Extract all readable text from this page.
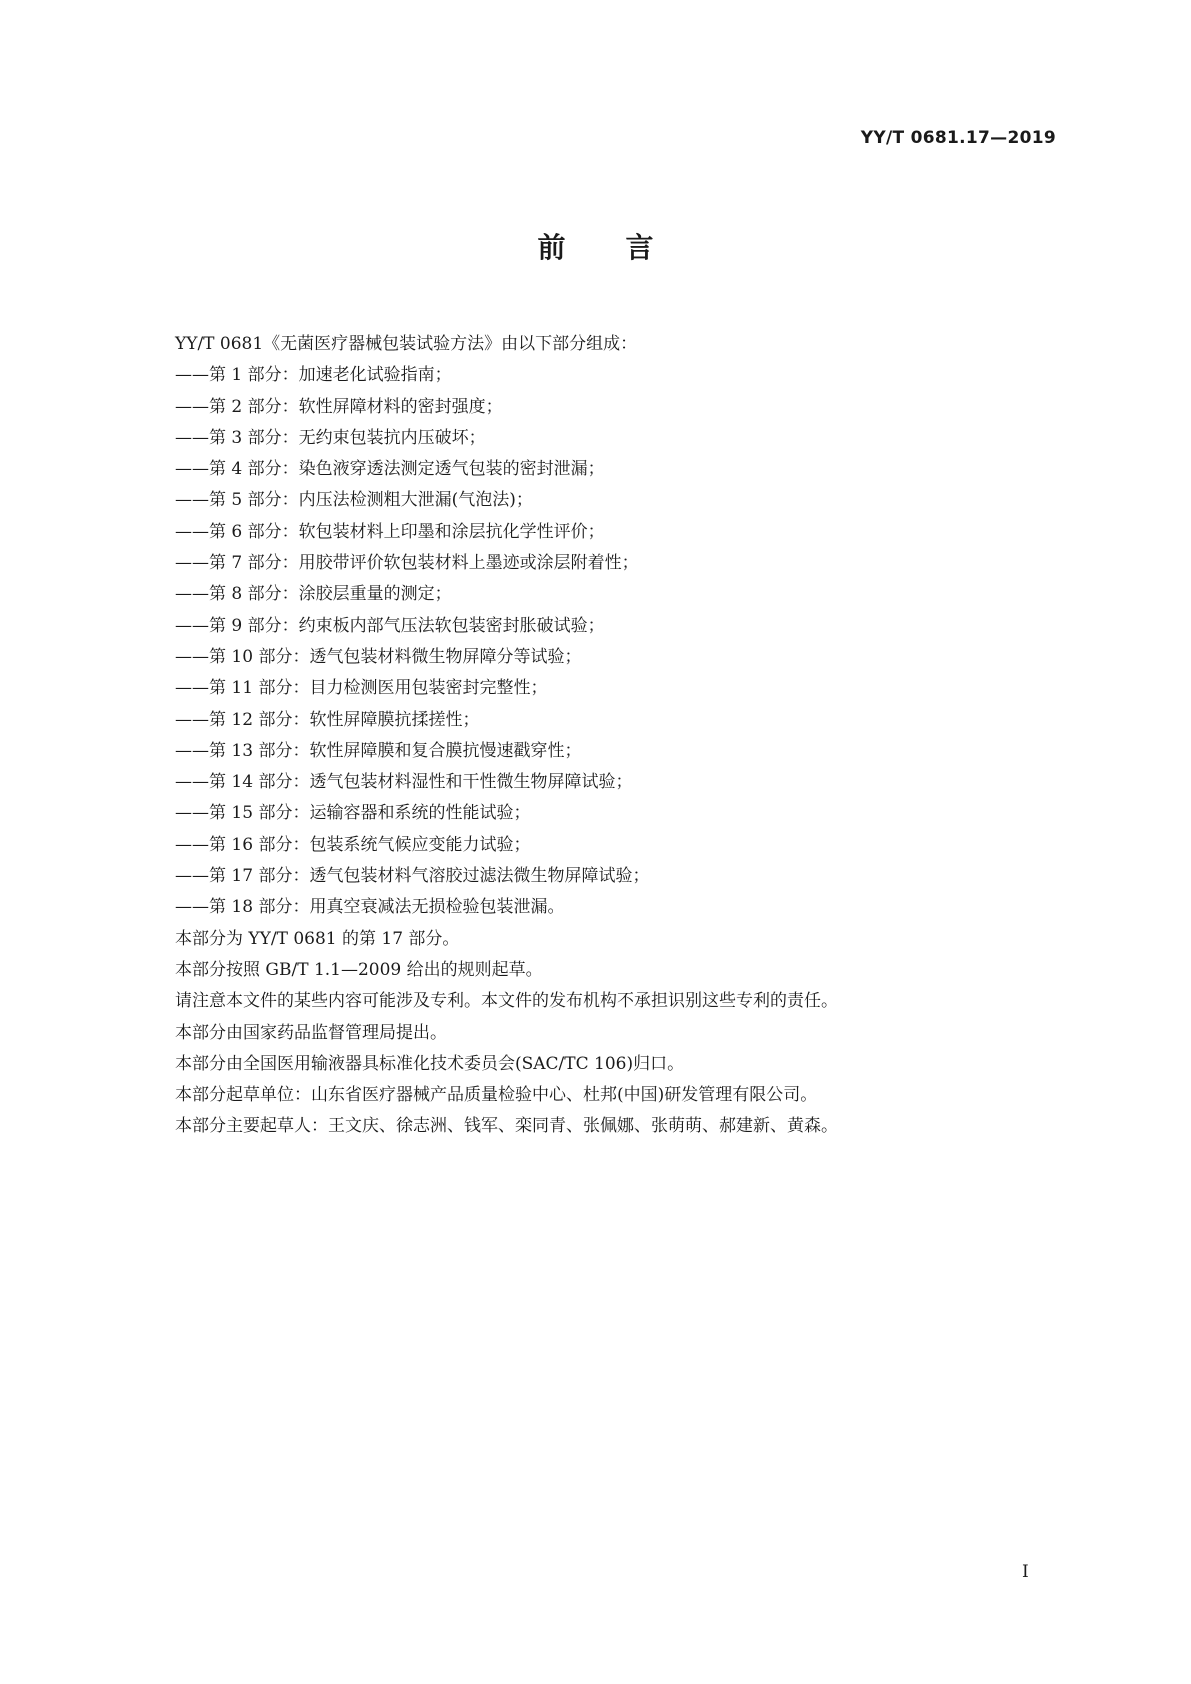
YY/T 0681.17—2019
前言
YY/T 0681《无菌医疗器械包装试验方法》由以下部分组成：
——第 1 部分：加速老化试验指南；
——第 2 部分：软性屏障材料的密封强度；
——第 3 部分：无约束包装抗内压破坏；
——第 4 部分：染色液穿透法测定透气包装的密封泄漏；
——第 5 部分：内压法检测粗大泄漏(气泡法)；
——第 6 部分：软包装材料上印墨和涂层抗化学性评价；
——第 7 部分：用胶带评价软包装材料上墨迹或涂层附着性；
——第 8 部分：涂胶层重量的测定；
——第 9 部分：约束板内部气压法软包装密封胀破试验；
——第 10 部分：透气包装材料微生物屏障分等试验；
——第 11 部分：目力检测医用包装密封完整性；
——第 12 部分：软性屏障膜抗揉搓性；
——第 13 部分：软性屏障膜和复合膜抗慢速戳穿性；
——第 14 部分：透气包装材料湿性和干性微生物屏障试验；
——第 15 部分：运输容器和系统的性能试验；
——第 16 部分：包装系统气候应变能力试验；
——第 17 部分：透气包装材料气溶胶过滤法微生物屏障试验；
——第 18 部分：用真空衰减法无损检验包装泄漏。
本部分为 YY/T 0681 的第 17 部分。
本部分按照 GB/T 1.1—2009 给出的规则起草。
请注意本文件的某些内容可能涉及专利。本文件的发布机构不承担识别这些专利的责任。
本部分由国家药品监督管理局提出。
本部分由全国医用输液器具标准化技术委员会(SAC/TC 106)归口。
本部分起草单位：山东省医疗器械产品质量检验中心、杜邦(中国)研发管理有限公司。
本部分主要起草人：王文庆、徐志洲、钱军、栾同青、张佩娜、张萌萌、郝建新、黄森。
I
